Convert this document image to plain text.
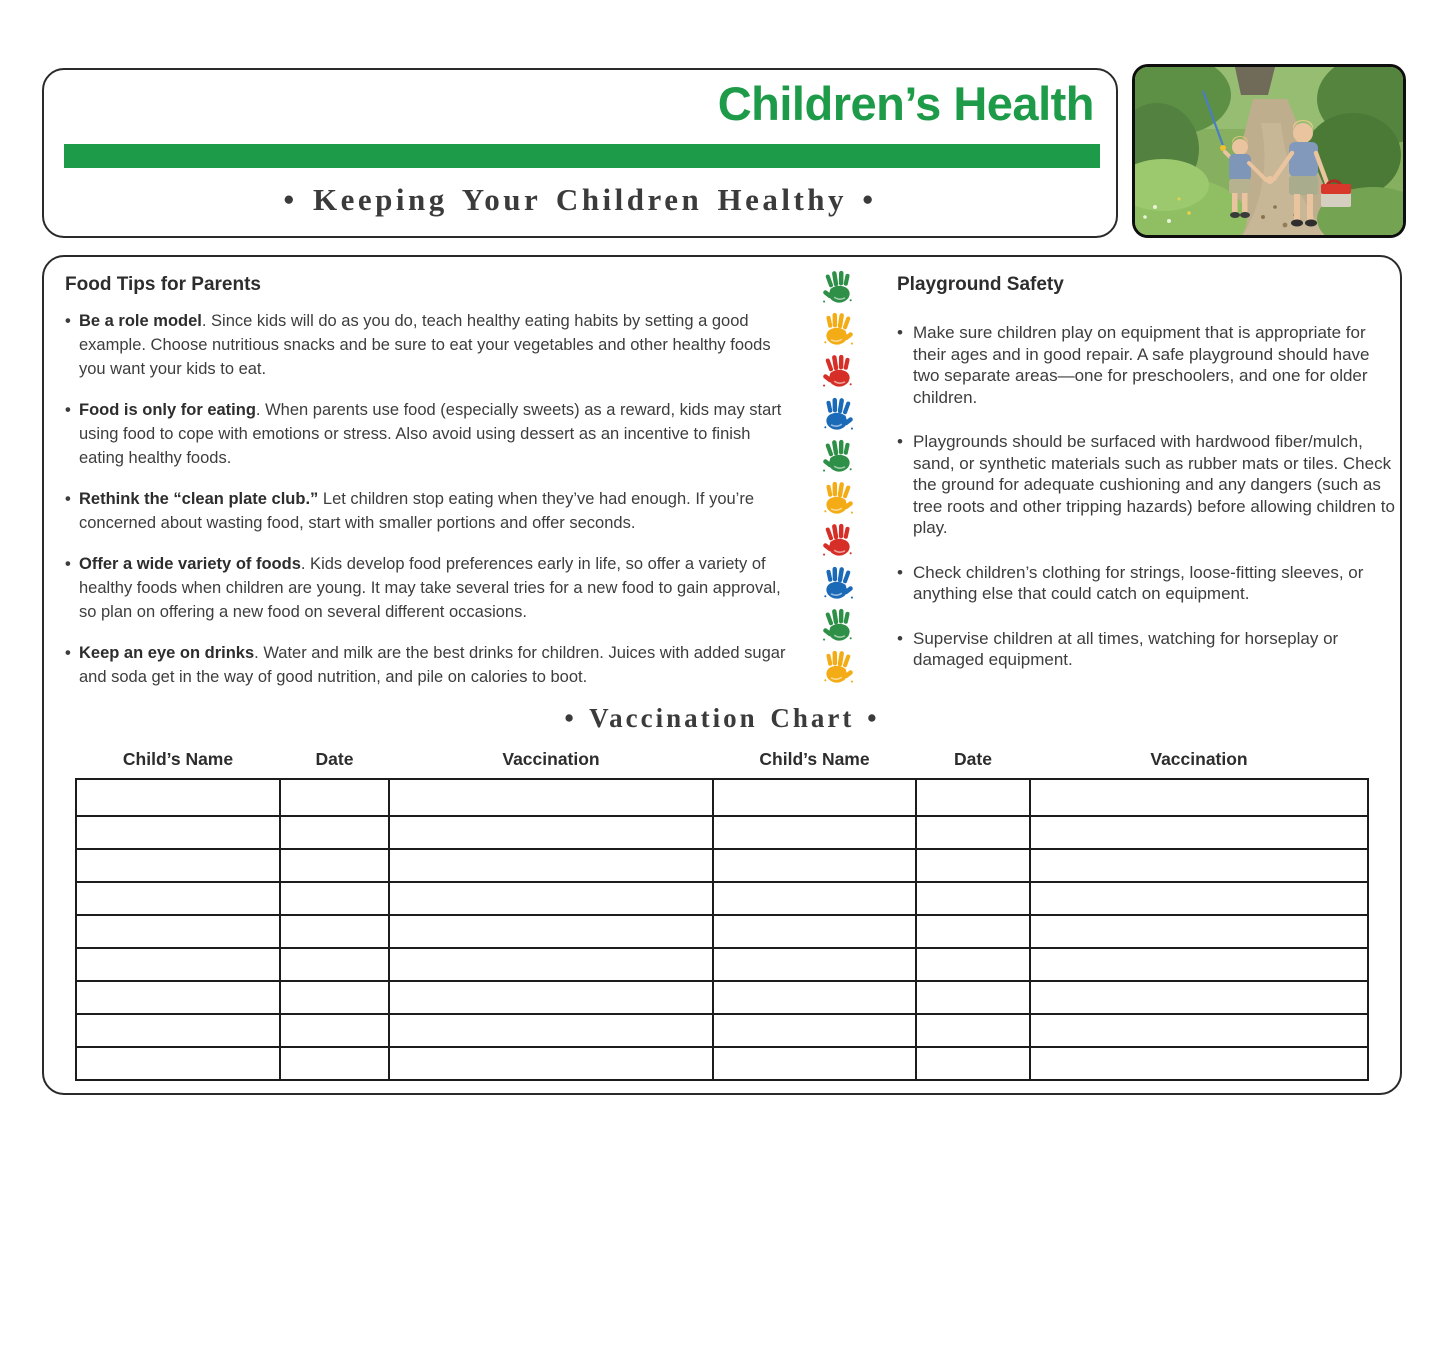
Children’s Health
• Keeping Your Children Healthy •
Food Tips for Parents
• Be a role model. Since kids will do as you do, teach healthy eating habits by setting a good example. Choose nutritious snacks and be sure to eat your vegetables and other healthy foods you want your kids to eat.
• Food is only for eating. When parents use food (especially sweets) as a reward, kids may start using food to cope with emotions or stress. Also avoid using dessert as an incentive to finish eating healthy foods.
• Rethink the “clean plate club.” Let children stop eating when they’ve had enough. If you’re concerned about wasting food, start with smaller portions and offer seconds.
• Offer a wide variety of foods. Kids develop food preferences early in life, so offer a variety of healthy foods when children are young. It may take several tries for a new food to gain approval, so plan on offering a new food on several different occasions.
• Keep an eye on drinks. Water and milk are the best drinks for children. Juices with added sugar and soda get in the way of good nutrition, and pile on calories to boot.
Playground Safety
• Make sure children play on equipment that is appropriate for their ages and in good repair. A safe playground should have two separate areas—one for preschoolers, and one for older children.
• Playgrounds should be surfaced with hardwood fiber/mulch, sand, or synthetic materials such as rubber mats or tiles. Check the ground for adequate cushioning and any dangers (such as tree roots and other tripping hazards) before allowing children to play.
• Check children’s clothing for strings, loose-fitting sleeves, or anything else that could catch on equipment.
• Supervise children at all times, watching for horseplay or damaged equipment.
• Vaccination Chart •
Child’s Name	Date	Vaccination	Child’s Name	Date	Vaccination
